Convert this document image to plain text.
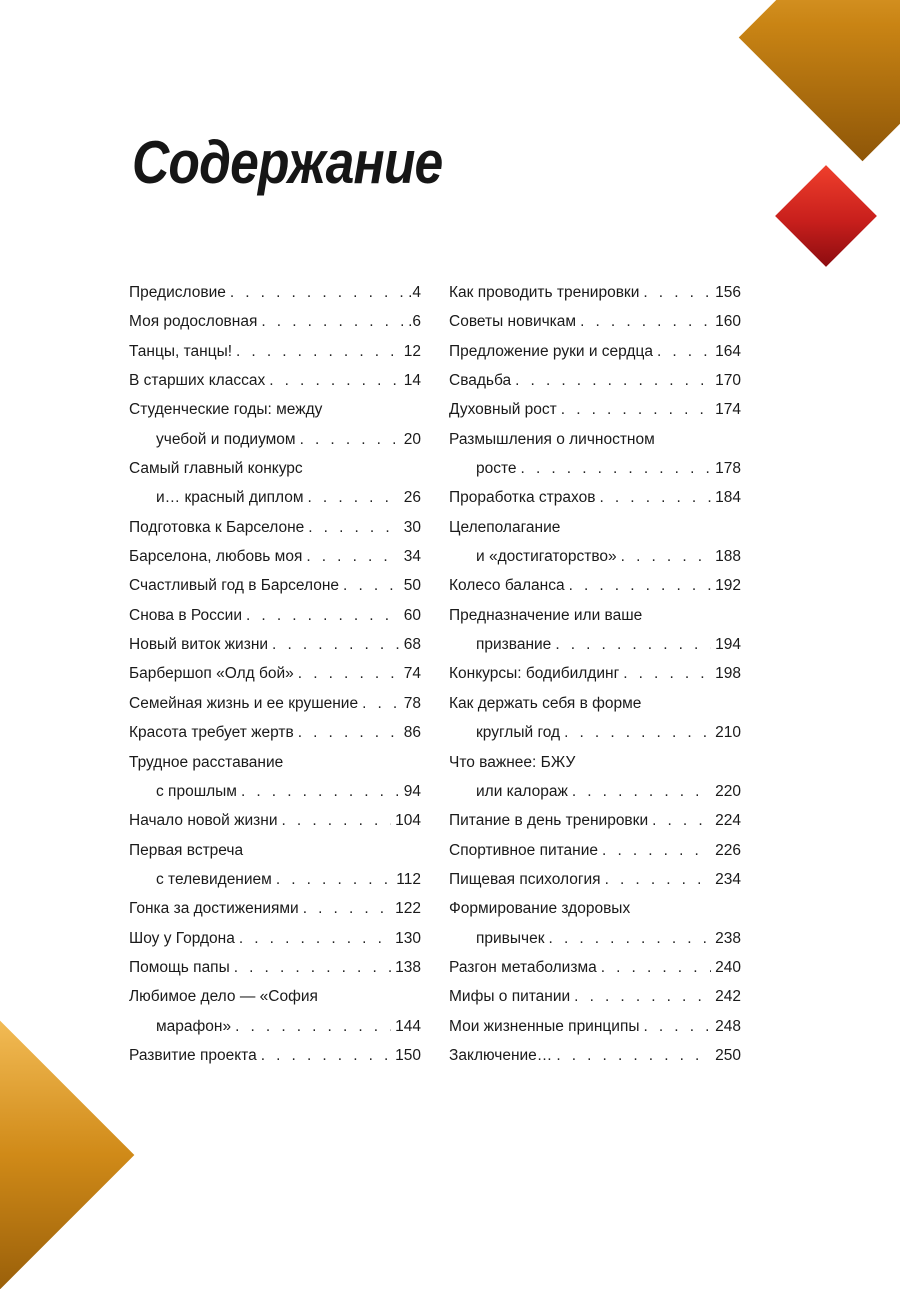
Содержание
Предисловие . . .	.4
Моя родословная . . .	.6
Танцы, танцы! . . .	12
В старших классах . . .	14
Студенческие годы: между
учебой и подиумом . . .	20
Самый главный конкурс
и… красный диплом . . .	26
Подготовка к Барселоне . . .	30
Барселона, любовь моя . . .	34
Счастливый год в Барселоне . . .	50
Снова в России . . .	60
Новый виток жизни . . .	68
Барбершоп «Олд бой» . . .	74
Семейная жизнь и ее крушение . . .	78
Красота требует жертв . . .	86
Трудное расставание
с прошлым . . .	94
Начало новой жизни . . .	104
Первая встреча
с телевидением . . .	112
Гонка за достижениями . . .	122
Шоу у Гордона . . .	130
Помощь папы . . .	138
Любимое дело — «София
марафон» . . .	144
Развитие проекта . . .	150
Как проводить тренировки . . .	156
Советы новичкам . . .	160
Предложение руки и сердца . . .	164
Свадьба . . .	170
Духовный рост . . .	174
Размышления о личностном
росте . . .	178
Проработка страхов . . .	184
Целеполагание
и «достигаторство» . . .	188
Колесо баланса . . .	192
Предназначение или ваше
призвание . . .	194
Конкурсы: бодибилдинг . . .	198
Как держать себя в форме
круглый год . . .	210
Что важнее: БЖУ
или калораж . . .	220
Питание в день тренировки . . .	224
Спортивное питание . . .	226
Пищевая психология . . .	234
Формирование здоровых
привычек . . .	238
Разгон метаболизма . . .	240
Мифы о питании . . .	242
Мои жизненные принципы . . .	248
Заключение… . . .	250
